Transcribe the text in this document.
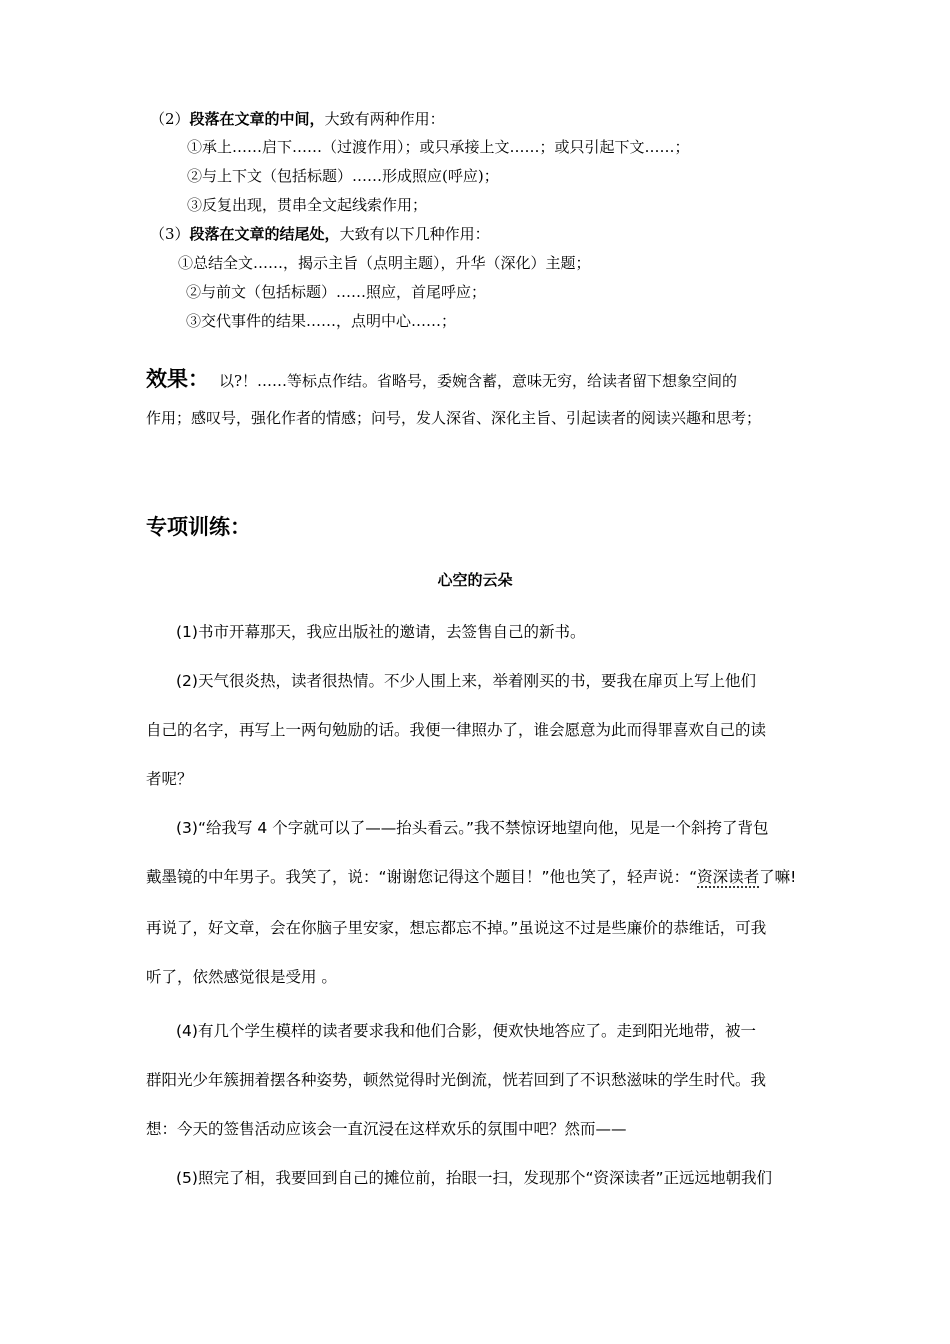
（2）段落在文章的中间，大致有两种作用：
①承上……启下……（过渡作用）；或只承接上文……；或只引起下文……；
②与上下文（包括标题）……形成照应(呼应)；
③反复出现，贯串全文起线索作用；
（3）段落在文章的结尾处，大致有以下几种作用：
①总结全文……，揭示主旨（点明主题），升华（深化）主题；
②与前文（包括标题）……照应，首尾呼应；
③交代事件的结果……，点明中心……；
效果： 以?！……等标点作结。省略号，委婉含蓄，意味无穷，给读者留下想象空间的
作用；感叹号，强化作者的情感；问号，发人深省、深化主旨、引起读者的阅读兴趣和思考；
专项训练：
心空的云朵
(1)书市开幕那天，我应出版社的邀请，去签售自己的新书。
(2)天气很炎热，读者很热情。不少人围上来，举着刚买的书，要我在扉页上写上他们
自己的名字，再写上一两句勉励的话。我便一律照办了，谁会愿意为此而得罪喜欢自己的读
者呢？
(3)“给我写 4 个字就可以了——抬头看云。”我不禁惊讶地望向他，见是一个斜挎了背包
戴墨镜的中年男子。我笑了，说：“谢谢您记得这个题目！”他也笑了，轻声说：“资深读者了嘛!
再说了，好文章，会在你脑子里安家，想忘都忘不掉。”虽说这不过是些廉价的恭维话，可我
听了，依然感觉很是受用 。
(4)有几个学生模样的读者要求我和他们合影，便欢快地答应了。走到阳光地带，被一
群阳光少年簇拥着摆各种姿势，顿然觉得时光倒流，恍若回到了不识愁滋味的学生时代。我
想：今天的签售活动应该会一直沉浸在这样欢乐的氛围中吧？然而——
(5)照完了相，我要回到自己的摊位前，抬眼一扫，发现那个“资深读者”正远远地朝我们
